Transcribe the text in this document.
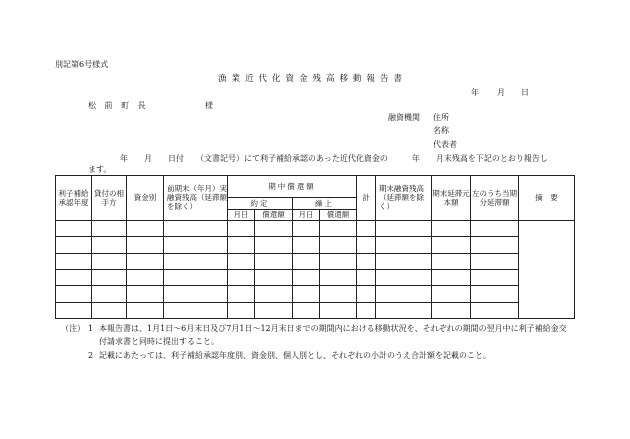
別記第6号様式
漁業近代化資金残高移動報告書
年 月 日
松 前 町 長	様
融資機関 住所
名称
代表者
年　　月　　日付　　（文書記号）にて利子補給承認のあった近代化資金の　　　年　　月末残高を下記のとおり報告し
ます。
利子補給承認年度	貸付の相手方	資金別	前期末（年月）実融資残高（延滞額を除く）	期中償還額				計	期末融資残高（延滞額を除く）	期末延滞元本額	左のうち当期分延滞額	摘　要
				約定		繰上						
				月日	償還額	月日	償還額					

（注） 1 本報告書は、1月1日～6月末日及び7月1日～12月末日までの期間内における移動状況を、それぞれの期間の翌月中に利子補給金交
付請求書と同時に提出すること。
2 記載にあたっては、利子補給承認年度別、資金別、個人別とし、それぞれの小計のうえ合計額を記載のこと。
